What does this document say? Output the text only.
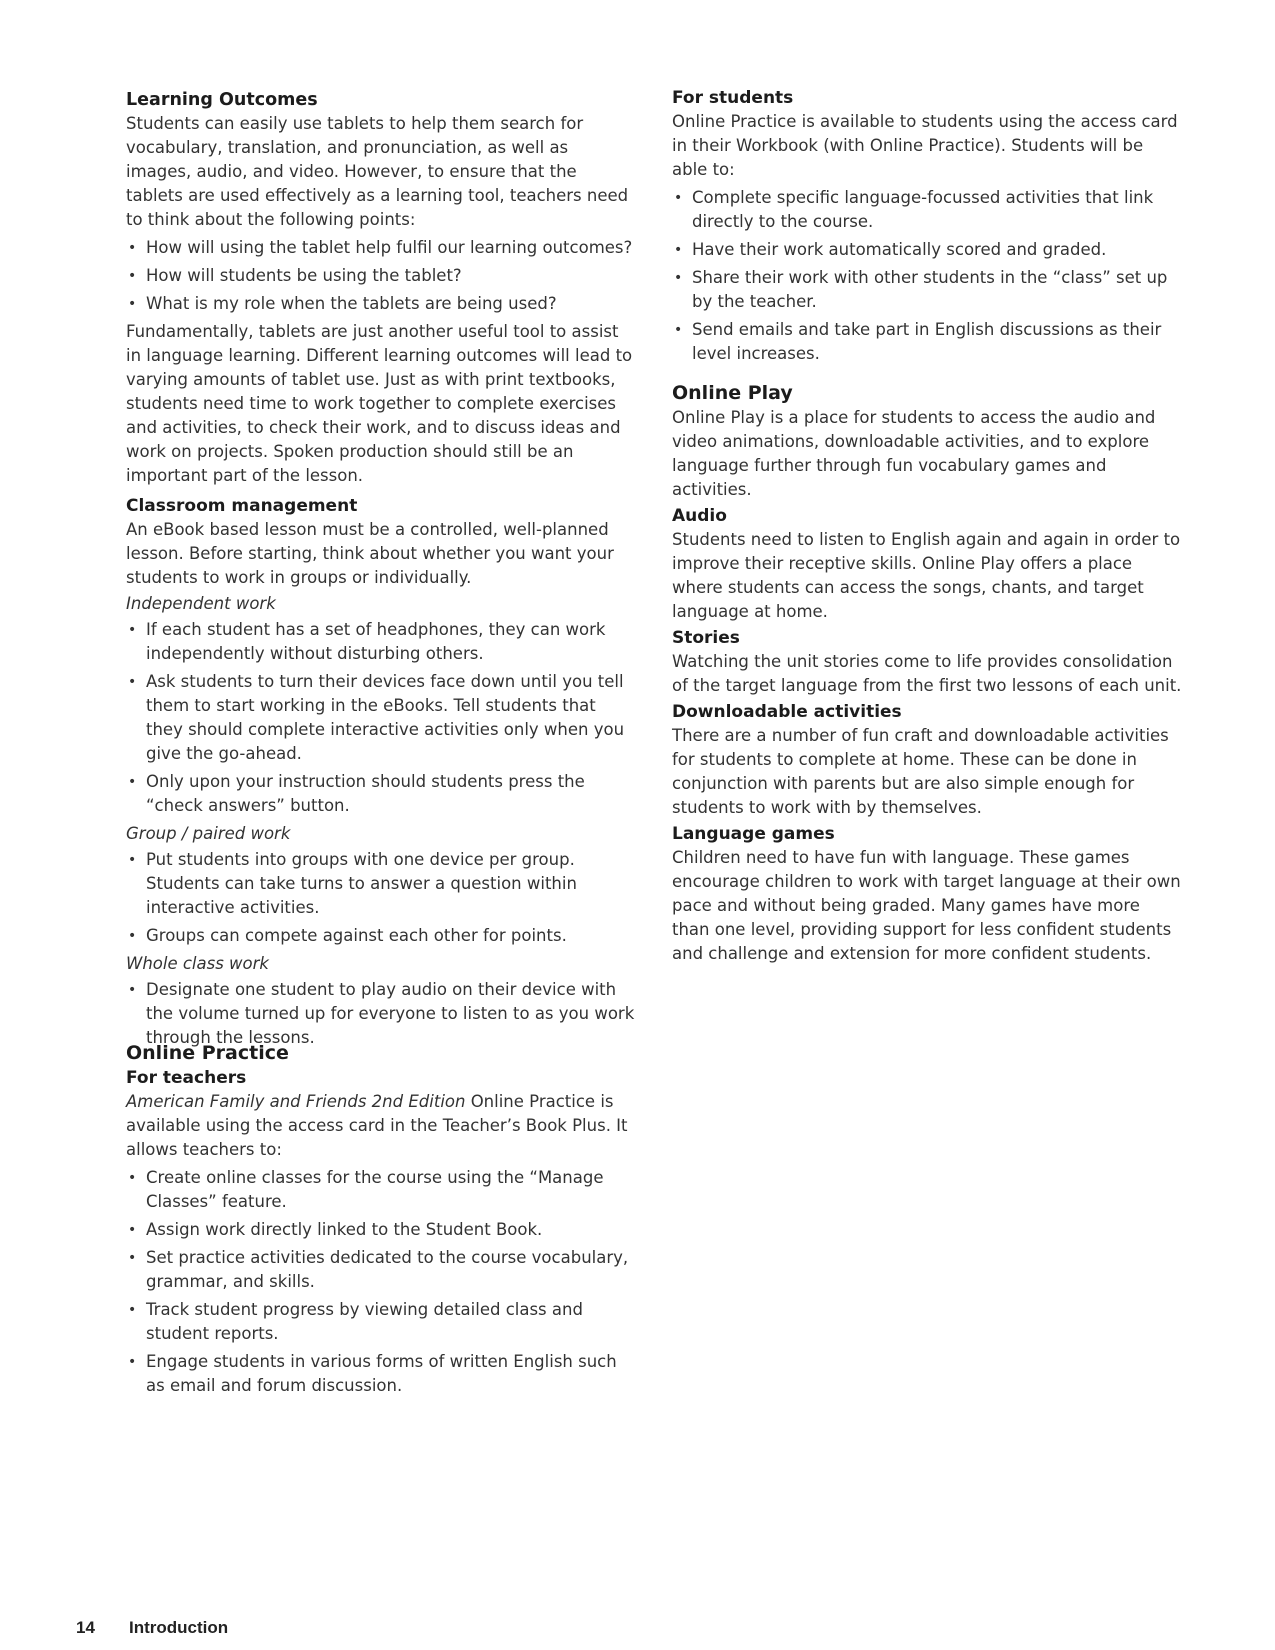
Learning Outcomes

Students can easily use tablets to help them search for vocabulary, translation, and pronunciation, as well as images, audio, and video. However, to ensure that the tablets are used effectively as a learning tool, teachers need to think about the following points:

• How will using the tablet help fulfil our learning outcomes?
• How will students be using the tablet?
• What is my role when the tablets are being used?

Fundamentally, tablets are just another useful tool to assist in language learning. Different learning outcomes will lead to varying amounts of tablet use. Just as with print textbooks, students need time to work together to complete exercises and activities, to check their work, and to discuss ideas and work on projects. Spoken production should still be an important part of the lesson.

Classroom management

An eBook based lesson must be a controlled, well-planned lesson. Before starting, think about whether you want your students to work in groups or individually.

Independent work

• If each student has a set of headphones, they can work independently without disturbing others.
• Ask students to turn their devices face down until you tell them to start working in the eBooks. Tell students that they should complete interactive activities only when you give the go-ahead.
• Only upon your instruction should students press the “check answers” button.

Group / paired work

• Put students into groups with one device per group. Students can take turns to answer a question within interactive activities.
• Groups can compete against each other for points.

Whole class work

• Designate one student to play audio on their device with the volume turned up for everyone to listen to as you work through the lessons.
Online Practice
For teachers

American Family and Friends 2nd Edition Online Practice is available using the access card in the Teacher’s Book Plus. It allows teachers to:

• Create online classes for the course using the “Manage Classes” feature.
• Assign work directly linked to the Student Book.
• Set practice activities dedicated to the course vocabulary, grammar, and skills.
• Track student progress by viewing detailed class and student reports.
• Engage students in various forms of written English such as email and forum discussion.
For students

Online Practice is available to students using the access card in their Workbook (with Online Practice). Students will be able to:

• Complete specific language-focussed activities that link directly to the course.
• Have their work automatically scored and graded.
• Share their work with other students in the “class” set up by the teacher.
• Send emails and take part in English discussions as their level increases.
Online Play

Online Play is a place for students to access the audio and video animations, downloadable activities, and to explore language further through fun vocabulary games and activities.

Audio

Students need to listen to English again and again in order to improve their receptive skills. Online Play offers a place where students can access the songs, chants, and target language at home.

Stories

Watching the unit stories come to life provides consolidation of the target language from the first two lessons of each unit.

Downloadable activities

There are a number of fun craft and downloadable activities for students to complete at home. These can be done in conjunction with parents but are also simple enough for students to work with by themselves.

Language games

Children need to have fun with language. These games encourage children to work with target language at their own pace and without being graded. Many games have more than one level, providing support for less confident students and challenge and extension for more confident students.

14 Introduction
